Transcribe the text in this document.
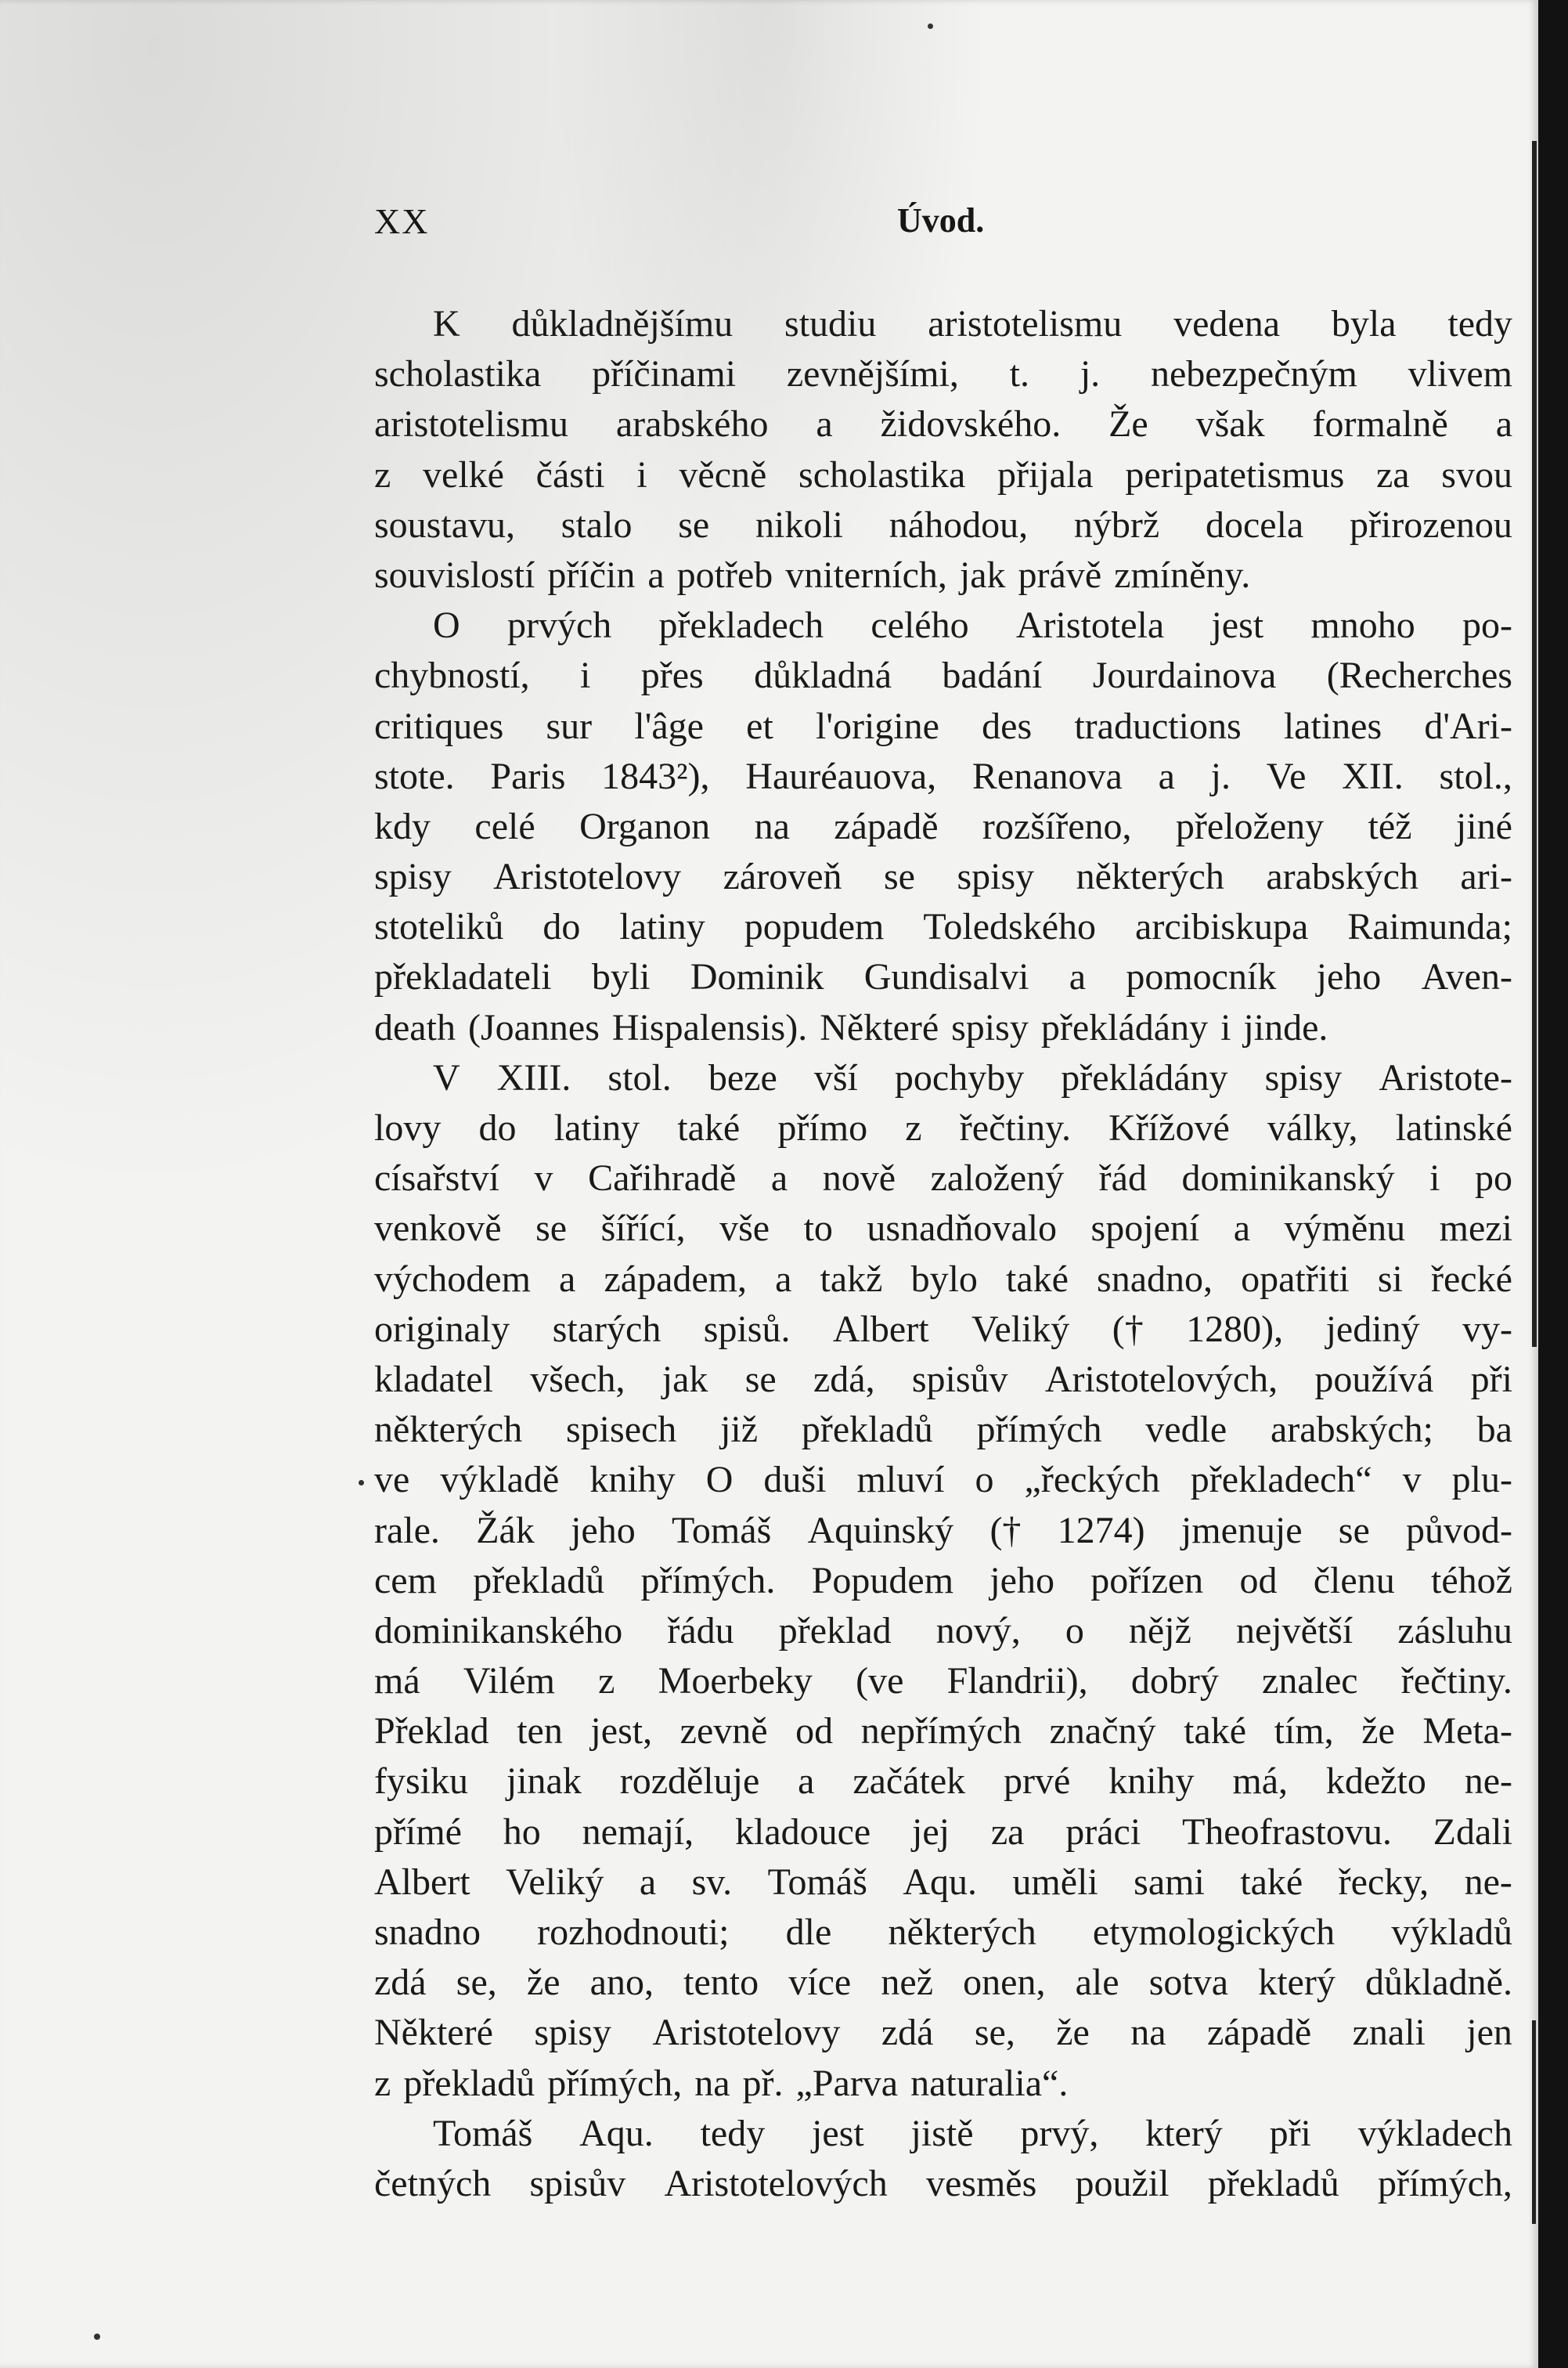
XX	Úvod.
K důkladnějšímu studiu aristotelismu vedena byla tedy
scholastika příčinami zevnějšími, t. j. nebezpečným vlivem
aristotelismu arabského a židovského. Že však formalně a
z velké části i věcně scholastika přijala peripatetismus za svou
soustavu, stalo se nikoli náhodou, nýbrž docela přirozenou
souvislostí příčin a potřeb vniterních, jak právě zmíněny.
O prvých překladech celého Aristotela jest mnoho po-
chybností, i přes důkladná badání Jourdainova (Recherches
critiques sur l'âge et l'origine des traductions latines d'Ari-
stote. Paris 1843²), Hauréauova, Renanova a j. Ve XII. stol.,
kdy celé Organon na západě rozšířeno, přeloženy též jiné
spisy Aristotelovy zároveň se spisy některých arabských ari-
stoteliků do latiny popudem Toledského arcibiskupa Raimunda;
překladateli byli Dominik Gundisalvi a pomocník jeho Aven-
death (Joannes Hispalensis). Některé spisy překládány i jinde.
V XIII. stol. beze vší pochyby překládány spisy Aristote-
lovy do latiny také přímo z řečtiny. Křížové války, latinské
císařství v Cařihradě a nově založený řád dominikanský i po
venkově se šířící, vše to usnadňovalo spojení a výměnu mezi
východem a západem, a takž bylo také snadno, opatřiti si řecké
originaly starých spisů. Albert Veliký († 1280), jediný vy-
kladatel všech, jak se zdá, spisův Aristotelových, používá při
některých spisech již překladů přímých vedle arabských; ba
ve výkladě knihy O duši mluví o „řeckých překladech“ v plu-
rale. Žák jeho Tomáš Aquinský († 1274) jmenuje se původ-
cem překladů přímých. Popudem jeho pořízen od členu téhož
dominikanského řádu překlad nový, o nějž největší zásluhu
má Vilém z Moerbeky (ve Flandrii), dobrý znalec řečtiny.
Překlad ten jest, zevně od nepřímých značný také tím, že Meta-
fysiku jinak rozděluje a začátek prvé knihy má, kdežto ne-
přímé ho nemají, kladouce jej za práci Theofrastovu. Zdali
Albert Veliký a sv. Tomáš Aqu. uměli sami také řecky, ne-
snadno rozhodnouti; dle některých etymologických výkladů
zdá se, že ano, tento více než onen, ale sotva který důkladně.
Některé spisy Aristotelovy zdá se, že na západě znali jen
z překladů přímých, na př. „Parva naturalia“.
Tomáš Aqu. tedy jest jistě prvý, který při výkladech
četných spisův Aristotelových vesměs použil překladů přímých,
